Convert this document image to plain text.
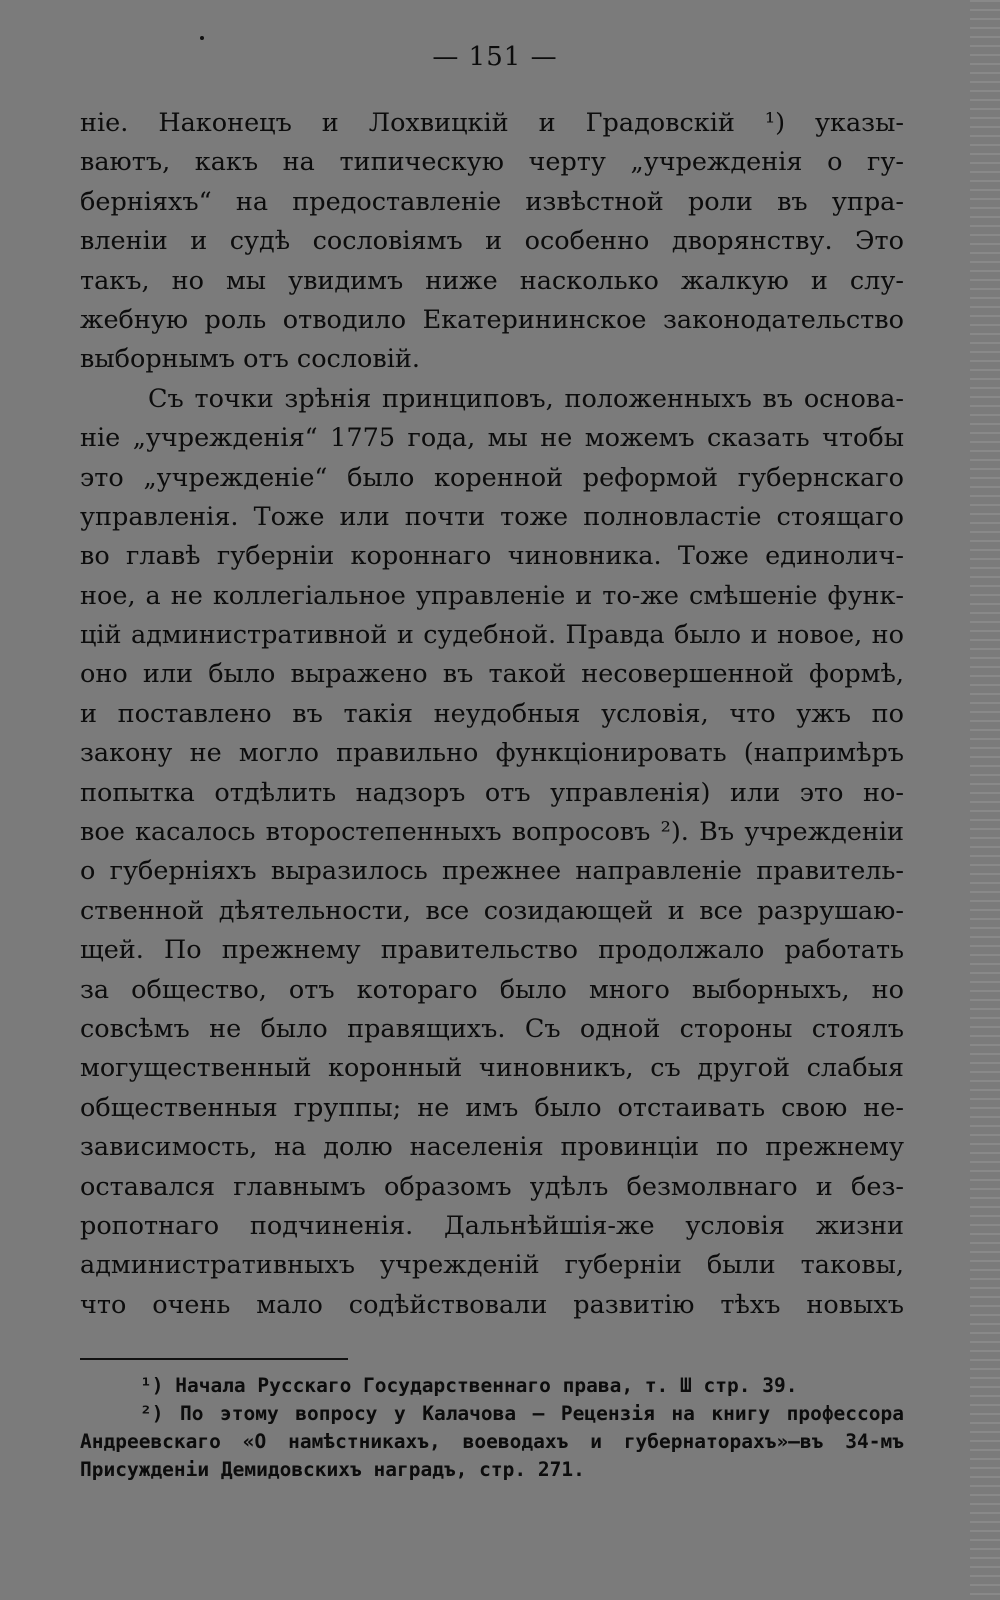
— 151 —
ніе. Наконецъ и Лохвицкій и Градовскій ¹) указы-
ваютъ, какъ на типическую черту „учрежденія о гу-
берніяхъ“ на предоставленіе извѣстной роли въ упра-
вленіи и судѣ сословіямъ и особенно дворянству. Это
такъ, но мы увидимъ ниже насколько жалкую и слу-
жебную роль отводило Екатерининское законодательство
выборнымъ отъ сословій.
Съ точки зрѣнія принциповъ, положенныхъ въ основа-
ніе „учрежденія“ 1775 года, мы не можемъ сказать чтобы
это „учрежденіе“ было коренной реформой губернскаго
управленія. Тоже или почти тоже полновластіе стоящаго
во главѣ губерніи короннаго чиновника. Тоже единолич-
ное, а не коллегіальное управленіе и то-же смѣшеніе функ-
цій административной и судебной. Правда было и новое, но
оно или было выражено въ такой несовершенной формѣ,
и поставлено въ такія неудобныя условія, что ужъ по
закону не могло правильно функціонировать (напримѣръ
попытка отдѣлить надзоръ отъ управленія) или это но-
вое касалось второстепенныхъ вопросовъ ²). Въ учрежденіи
о губерніяхъ выразилось прежнее направленіе правитель-
ственной дѣятельности, все созидающей и все разрушаю-
щей. По прежнему правительство продолжало работать
за общество, отъ котораго было много выборныхъ, но
совсѣмъ не было правящихъ. Съ одной стороны стоялъ
могущественный коронный чиновникъ, съ другой слабыя
общественныя группы; не имъ было отстаивать свою не-
зависимость, на долю населенія провинціи по прежнему
оставался главнымъ образомъ удѣлъ безмолвнаго и без-
ропотнаго подчиненія. Дальнѣйшія-же условія жизни
административныхъ учрежденій губерніи были таковы,
что очень мало содѣйствовали развитію тѣхъ новыхъ
¹) Начала Русскаго Государственнаго права, т. Ш стр. 39.
²) По этому вопросу у Калачова — Рецензія на книгу профессора
Андреевскаго «О намѣстникахъ, воеводахъ и губернаторахъ»—въ 34-мъ
Присужденіи Демидовскихъ наградъ, стр. 271.
